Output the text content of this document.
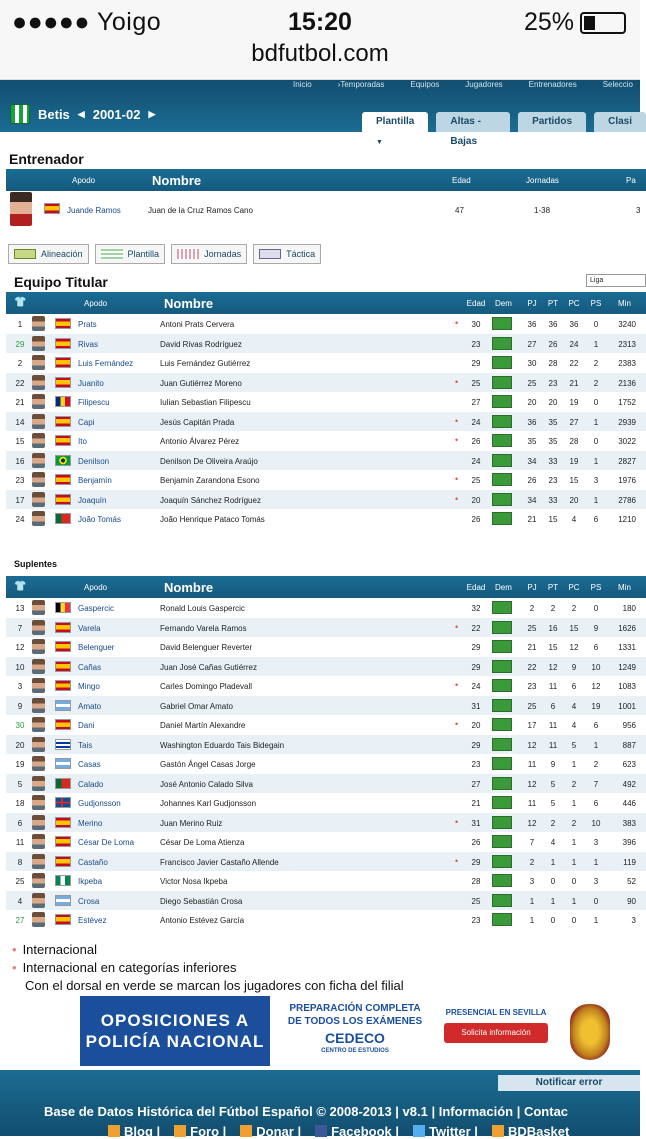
●●●●● Yoigo	15:20	25%
bdfutbol.com
Inicio	›Temporadas	Equipos	Jugadores	Entrenadores	Seleccio
Betis ◀ 2001-02 ▶
Plantilla ▼
Altas - Bajas
Partidos	Clasi
Entrenador
Apodo	Nombre	Edad	Jornadas	Pa
Juande Ramos	Juan de la Cruz Ramos Cano	47	1-38	3
Alineación	Plantilla	Jornadas	Táctica
Equipo Titular	Liga
👕	Apodo	Nombre	Edad Dem	PJ	PT	PC	PS	Min
1	Prats	Antoni Prats Cervera	•	30	36	36	36	0	3240
29	Rivas	David Rivas Rodríguez	23	27	26	24	1	2313
2	Luis Fernández	Luis Fernández Gutiérrez	29	30	28	22	2	2383
22	Juanito	Juan Gutiérrez Moreno	•	25	25	23	21	2	2136
21	Filipescu	Iulian Sebastian Filipescu	27	20	20	19	0	1752
14	Capi	Jesús Capitán Prada	•	24	36	35	27	1	2939
15	Ito	Antonio Álvarez Pérez	•	26	35	35	28	0	3022
16	Denilson	Denilson De Oliveira Araújo	24	34	33	19	1	2827
23	Benjamín	Benjamín Zarandona Esono	•	25	26	23	15	3	1976
17	Joaquín	Joaquín Sánchez Rodríguez	•	20	34	33	20	1	2786
24	João Tomás	João Henrique Pataco Tomás	26	21	15	4	6	1210
Suplentes
👕	Apodo	Nombre	Edad Dem	PJ	PT	PC	PS	Min
13	Gaspercic	Ronald Louis Gaspercic	32	2	2	2	0	180
7	Varela	Fernando Varela Ramos	•	22	25	16	15	9	1626
12	Belenguer	David Belenguer Reverter	29	21	15	12	6	1331
10	Cañas	Juan José Cañas Gutiérrez	29	22	12	9	10	1249
3	Mingo	Carles Domingo Pladevall	•	24	23	11	6	12	1083
9	Amato	Gabriel Omar Amato	31	25	6	4	19	1001
30	Dani	Daniel Martín Alexandre	•	20	17	11	4	6	956
20	Tais	Washington Eduardo Tais Bidegain	29	12	11	5	1	887
19	Casas	Gastón Ángel Casas Jorge	23	11	9	1	2	623
5	Calado	José Antonio Calado Silva	27	12	5	2	7	492
18	Gudjonsson	Johannes Karl Gudjonsson	21	11	5	1	6	446
6	Merino	Juan Merino Ruiz	•	31	12	2	2	10	383
11	César De Loma	César De Loma Atienza	26	7	4	1	3	396
8	Castaño	Francisco Javier Castaño Allende	•	29	2	1	1	1	119
25	Ikpeba	Victor Nosa Ikpeba	28	3	0	0	3	52
4	Crosa	Diego Sebastián Crosa	25	1	1	1	0	90
27	Estévez	Antonio Estévez García	23	1	0	0	1	3
• Internacional
• Internacional en categorías inferiores
Con el dorsal en verde se marcan los jugadores con ficha del filial
OPOSICIONES A
POLICÍA NACIONAL
PREPARACIÓN COMPLETA
DE TODOS LOS EXÁMENES
CEDECO
CENTRO DE ESTUDIOS
PRESENCIAL EN SEVILLA
Solicita información
Notificar error
Base de Datos Histórica del Fútbol Español © 2008-2013 | v8.1 | Información | Contac
Blog |	Foro |	Donar |	Facebook |	Twitter |	BDBasket
